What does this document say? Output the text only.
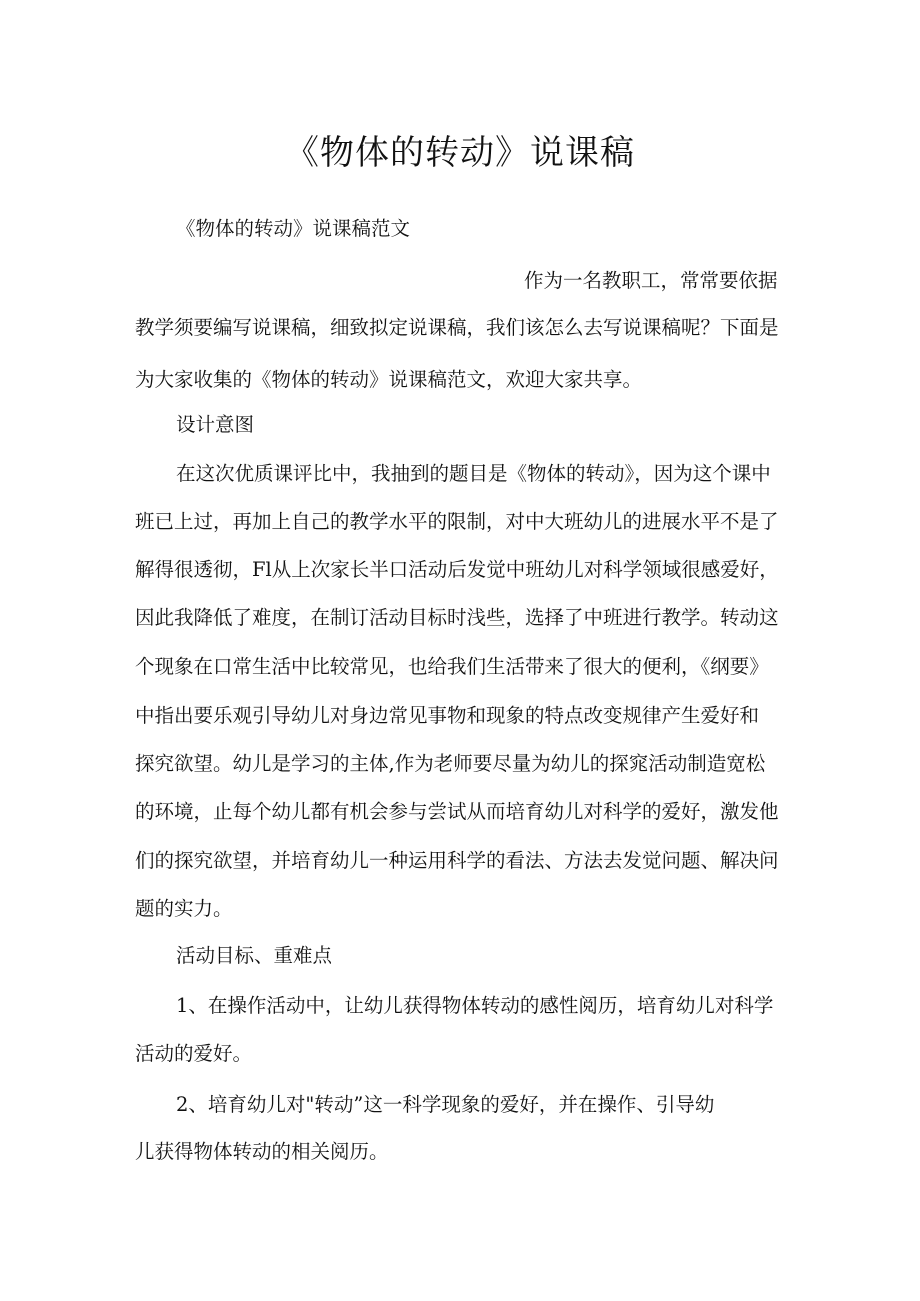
《物体的转动》说课稿

《物体的转动》说课稿范文

作为一名教职工，常常要依据

教学须要编写说课稿，细致拟定说课稿，我们该怎么去写说课稿呢？下面是

为大家收集的《物体的转动》说课稿范文，欢迎大家共享。

设计意图

在这次优质课评比中，我抽到的题目是《物体的转动》，因为这个课中

班已上过，再加上自己的教学水平的限制，对中大班幼儿的进展水平不是了

解得很透彻，Fl从上次家长半口活动后发觉中班幼儿对科学领域很感爱好，

因此我降低了难度，在制订活动目标时浅些，选择了中班进行教学。转动这

个现象在口常生活中比较常见，也给我们生活带来了很大的便利，《纲要》

中指出要乐观引导幼儿对身边常见事物和现象的特点改变规律产生爱好和

探究欲望。幼儿是学习的主体,作为老师要尽量为幼儿的探窕活动制造宽松

的环境，止每个幼儿都有机会参与尝试从而培育幼儿对科学的爱好，激发他

们的探究欲望，并培育幼儿一种运用科学的看法、方法去发觉问题、解决问

题的实力。

活动目标、重难点

1、在操作活动中，让幼儿获得物体转动的感性阅历，培育幼儿对科学

活动的爱好。

2、培育幼儿对"转动”这一科学现象的爱好，并在操作、引导幼

儿获得物体转动的相关阅历。
